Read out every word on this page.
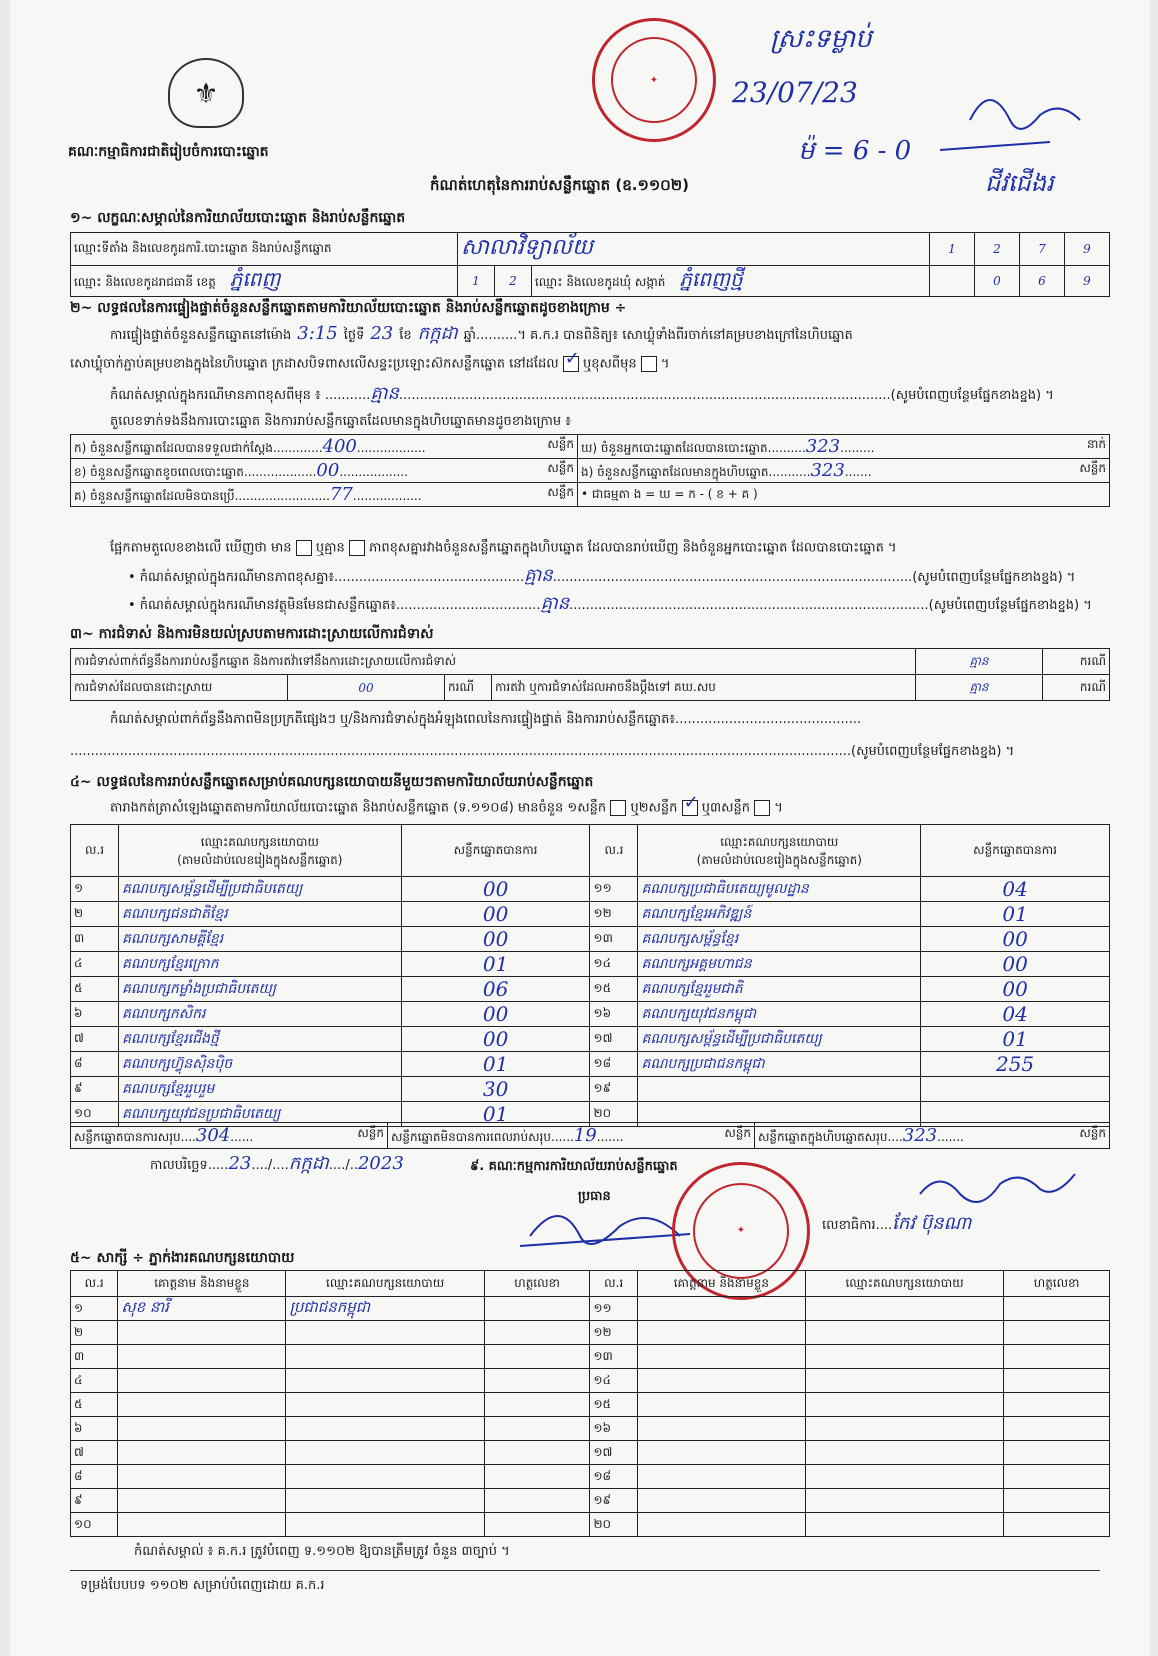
⚜
គណៈកម្មាធិការជាតិរៀបចំការបោះឆ្នោត
✦
ស្រះទម្លាប់
23/07/23
ម៉ = 6 - 0
ជីវជើងរ
កំណត់ហេតុនៃការរាប់សន្លឹកឆ្នោត (ឧ.១១០២)
១~ លក្ខណៈសម្គាល់នៃការិយាល័យបោះឆ្នោត និងរាប់សន្លឹកឆ្នោត
ឈ្មោះទីតាំង និងលេខកូដការិ.បោះឆ្នោត និងរាប់សន្លឹកឆ្នោត	សាលាវិទ្យាល័យ			1	2	7	9
ឈ្មោះ និងលេខកូដរាជធានី ខេត្ត ភ្នំពេញ	1	2	ឈ្មោះ និងលេខកូដឃុំ សង្កាត់ ភ្នំពេញថ្មី		0	6	9
២~ លទ្ធផលនៃការផ្ទៀងផ្ទាត់ចំនួនសន្លឹកឆ្នោតតាមការិយាល័យបោះឆ្នោត និងរាប់សន្លឹកឆ្នោតដូចខាងក្រោម ÷
ការផ្ទៀងផ្ទាត់ចំនួនសន្លឹកឆ្នោតនៅម៉ោង 3:15 ថ្ងៃទី 23 ខែ កក្កដា ឆ្នាំ..........។ គ.ក.រ បានពិនិត្យ៖ សោឃ្លុំទាំងពីរចាក់នៅគម្របខាងក្រៅនៃហិបឆ្នោត
សោឃ្លុំចាក់ភ្ជាប់គម្របខាងក្នុងនៃហិបឆ្នោត ក្រដាសបិទពាសលើសន្ទះប្រឡោះស៊កសន្លឹកឆ្នោត នៅដដែល ✓ ឬខុសពីមុន  ។
កំណត់សម្គាល់ក្នុងករណីមានភាពខុសពីមុន ៖ ...........គ្មាន.......................................................................................................................(សូមបំពេញបន្ថែមផ្នែកខាងខ្នង) ។
តួលេខទាក់ទងនឹងការបោះឆ្នោត និងការរាប់សន្លឹកឆ្នោតដែលមានក្នុងហិបឆ្នោតមានដូចខាងក្រោម ៖
ក) ចំនួនសន្លឹកឆ្នោតដែលបានទទួលជាក់ស្តែង.............400.................. សន្លឹក	ឃ) ចំនួនអ្នកបោះឆ្នោតដែលបានបោះឆ្នោត..........323......... នាក់

ខ) ចំនួនសន្លឹកឆ្នោតខូចពេលបោះឆ្នោត...................00.................. សន្លឹក	ង) ចំនួនសន្លឹកឆ្នោតដែលមានក្នុងហិបឆ្នោត...........323....... សន្លឹក

គ) ចំនួនសន្លឹកឆ្នោតដែលមិនបានប្រើ.........................77.................. សន្លឹក	• ជាធម្មតា ង = ឃ = ក - ( ខ + គ )
ផ្អែកតាមតួលេខខាងលើ ឃើញថា មាន ឬគ្មាន ភាពខុសគ្នារវាងចំនួនសន្លឹកឆ្នោតក្នុងហិបឆ្នោត ដែលបានរាប់ឃើញ និងចំនួនអ្នកបោះឆ្នោត ដែលបានបោះឆ្នោត ។
• កំណត់សម្គាល់ក្នុងករណីមានភាពខុសគ្នា៖..............................................គ្មាន.......................................................................................(សូមបំពេញបន្ថែមផ្នែកខាងខ្នង) ។
• កំណត់សម្គាល់ក្នុងករណីមានវត្ថុមិនមែនជាសន្លឹកឆ្នោត៖...................................គ្មាន.......................................................................................(សូមបំពេញបន្ថែមផ្នែកខាងខ្នង) ។
៣~ ការជំទាស់ និងការមិនយល់ស្របតាមការដោះស្រាយលើការជំទាស់
ការជំទាស់ពាក់ព័ន្ធនឹងការរាប់សន្លឹកឆ្នោត និងការតវ៉ាទៅនឹងការដោះស្រាយលើការជំទាស់				គ្មាន	ករណី
ការជំទាស់ដែលបានដោះស្រាយ	00	ករណី	ការតវ៉ា ឬការជំទាស់ដែលអាចនឹងប្តឹងទៅ គឃ.សប	គ្មាន	ករណី
កំណត់សម្គាល់ពាក់ព័ន្ធនឹងភាពមិនប្រក្រតីផ្សេងៗ ឬ/និងការជំទាស់ក្នុងអំឡុងពេលនៃការផ្ទៀងផ្ទាត់ និងការរាប់សន្លឹកឆ្នោត៖.............................................
.............................................................................................................................................................................................(សូមបំពេញបន្ថែមផ្នែកខាងខ្នង) ។
៤~ លទ្ធផលនៃការរាប់សន្លឹកឆ្នោតសម្រាប់គណបក្សនយោបាយនីមួយៗតាមការិយាល័យរាប់សន្លឹកឆ្នោត
តារាងកត់ត្រាសំឡេងឆ្នោតតាមការិយាល័យបោះឆ្នោត និងរាប់សន្លឹកឆ្នោត (ទ.១១០៨) មានចំនួន ១សន្លឹក ឬ២សន្លឹក ✓ ឬ៣សន្លឹក  ។
ល.រ	ឈ្មោះគណបក្សនយោបាយ
(តាមលំដាប់លេខរៀងក្នុងសន្លឹកឆ្នោត)	សន្លឹកឆ្នោតបានការ	ល.រ	ឈ្មោះគណបក្សនយោបាយ
(តាមលំដាប់លេខរៀងក្នុងសន្លឹកឆ្នោត)	សន្លឹកឆ្នោតបានការ
១	គណបក្សសម្ព័ន្ធដើម្បីប្រជាធិបតេយ្យ	00	១១	គណបក្សប្រជាធិបតេយ្យមូលដ្ឋាន	04
២	គណបក្សជនជាតិខ្មែរ	00	១២	គណបក្សខ្មែរអភិវឌ្ឍន៍	01
៣	គណបក្សសាមគ្គីខ្មែរ	00	១៣	គណបក្សសម្ព័ន្ធខ្មែរ	00
៤	គណបក្សខ្មែរក្រោក	01	១៤	គណបក្សអគ្គមហាជន	00
៥	គណបក្សកម្លាំងប្រជាធិបតេយ្យ	06	១៥	គណបក្សខ្មែររួមជាតិ	00
៦	គណបក្សកសិករ	00	១៦	គណបក្សយុវជនកម្ពុជា	04
៧	គណបក្សខ្មែរជើងថ្មី	00	១៧	គណបក្សសម្ព័ន្ធដើម្បីប្រជាធិបតេយ្យ	01
៨	គណបក្សហ៊្វុនស៊ិនប៉ិច	01	១៨	គណបក្សប្រជាជនកម្ពុជា	255
៩	គណបក្សខ្មែររួបរួម	30	១៩		
១០	គណបក្សយុវជនប្រជាធិបតេយ្យ	01	២០		
សន្លឹកឆ្នោតបានការសរុប....304......	សន្លឹក	សន្លឹកឆ្នោតមិនបានការពេលរាប់សរុប......19.......	សន្លឹក	សន្លឹកឆ្នោតក្នុងហិបឆ្នោតសរុប....323.......	សន្លឹក
កាលបរិច្ឆេទ.....23..../....កក្កដា..../..2023	៩. គណៈកម្មការការិយាល័យរាប់សន្លឹកឆ្នោត
ប្រធាន
✦	លេខាធិការ....កែវ ប៊ុនណា
៥~ សាក្សី ÷ ភ្នាក់ងារគណបក្សនយោបាយ
ល.រ	គោត្តនាម និងនាមខ្លួន	ឈ្មោះគណបក្សនយោបាយ	ហត្ថលេខា	ល.រ	គោត្តនាម និងនាមខ្លួន	ឈ្មោះគណបក្សនយោបាយ	ហត្ថលេខា
១	សុខ នារី	ប្រជាជនកម្ពុជា		១១			
២				១២			
៣				១៣			
៤				១៤			
៥				១៥			
៦				១៦			
៧				១៧			
៨				១៨			
៩				១៩			
១០				២០			
កំណត់សម្គាល់ ៖ គ.ក.រ ត្រូវបំពេញ ទ.១១០២ ឱ្យបានត្រឹមត្រូវ ចំនួន ៣ច្បាប់ ។
ទម្រង់បែបបទ ១១០២ សម្រាប់បំពេញដោយ គ.ក.រ
